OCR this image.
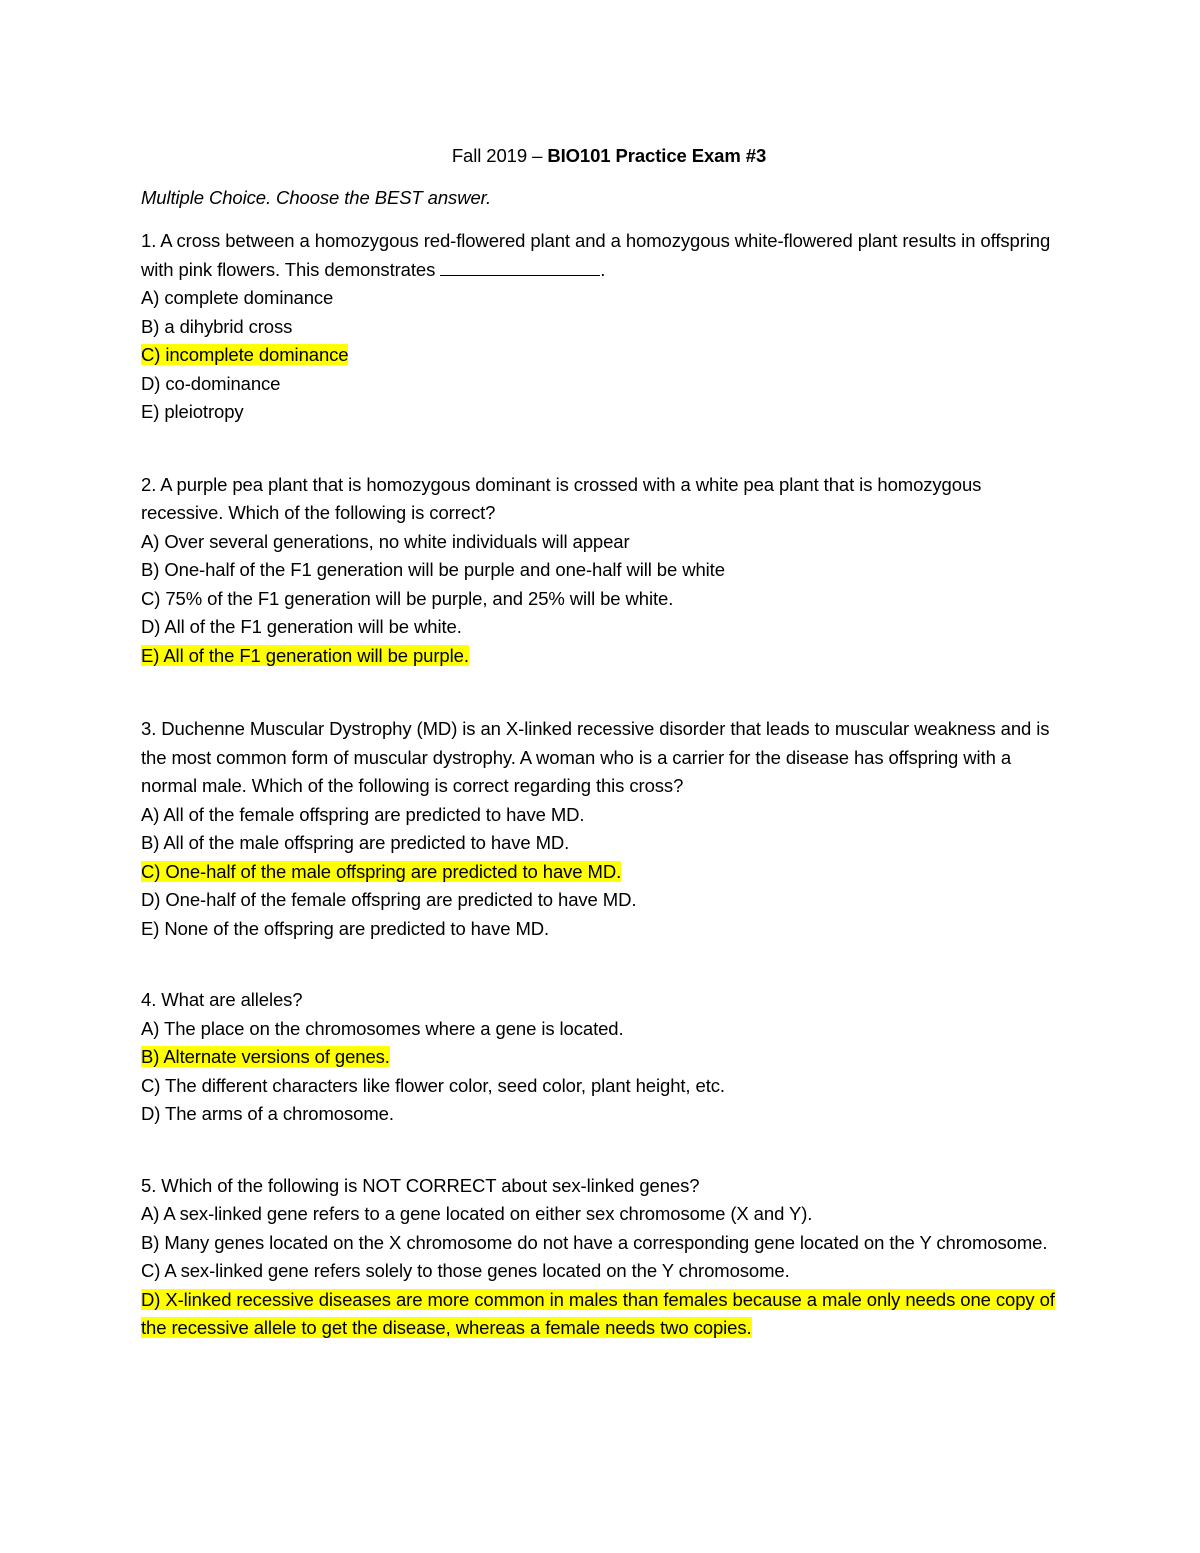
Fall 2019 – BIO101 Practice Exam #3
Multiple Choice. Choose the BEST answer.

1. A cross between a homozygous red-flowered plant and a homozygous white-flowered plant results in offspring with pink flowers. This demonstrates	.

A) complete dominance

B) a dihybrid cross

C) incomplete dominance

D) co-dominance

E) pleiotropy

2. A purple pea plant that is homozygous dominant is crossed with a white pea plant that is homozygous recessive. Which of the following is correct?

A) Over several generations, no white individuals will appear

B) One-half of the F1 generation will be purple and one-half will be white

C) 75% of the F1 generation will be purple, and 25% will be white.

D) All of the F1 generation will be white.

E) All of the F1 generation will be purple.

3. Duchenne Muscular Dystrophy (MD) is an X-linked recessive disorder that leads to muscular weakness and is the most common form of muscular dystrophy. A woman who is a carrier for the disease has offspring with a normal male. Which of the following is correct regarding this cross?

A) All of the female offspring are predicted to have MD.

B) All of the male offspring are predicted to have MD.

C) One-half of the male offspring are predicted to have MD.

D) One-half of the female offspring are predicted to have MD.

E) None of the offspring are predicted to have MD.

4. What are alleles?

A) The place on the chromosomes where a gene is located.

B) Alternate versions of genes.

C) The different characters like flower color, seed color, plant height, etc.

D) The arms of a chromosome.

5. Which of the following is NOT CORRECT about sex-linked genes?

A) A sex-linked gene refers to a gene located on either sex chromosome (X and Y).

B) Many genes located on the X chromosome do not have a corresponding gene located on the Y chromosome.

C) A sex-linked gene refers solely to those genes located on the Y chromosome.

D) X-linked recessive diseases are more common in males than females because a male only needs one copy of the recessive allele to get the disease, whereas a female needs two copies.
